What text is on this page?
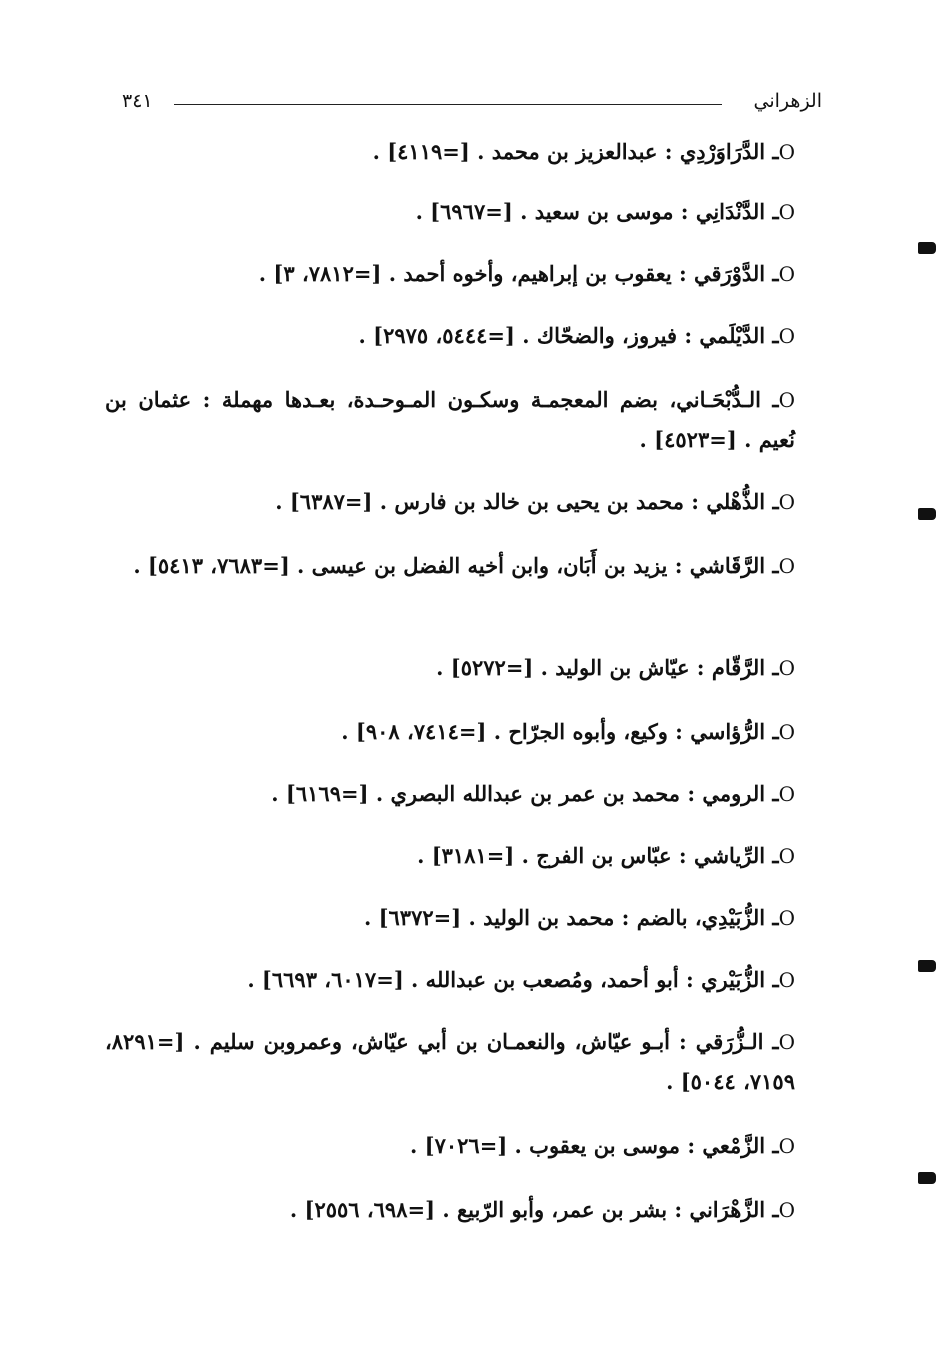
الزهراني
٣٤١
Oـ الدَّرَاوَرْدِي : عبدالعزيز بن محمد . [=٤١١٩] .
Oـ الدَّنْدَانِي : موسى بن سعيد . [=٦٩٦٧] .
Oـ الدَّوْرَقي : يعقوب بن إبراهيم، وأخوه أحمد . [=٧٨١٢، ٣] .
Oـ الدَّيْلَمي : فيروز، والضحّاك . [=٥٤٤٤، ٢٩٧٥] .
Oـ الـدُّبْحَـاني، بضم المعجمـة وسكـون المـوحـدة، بعـدها مهملة : عثمان بن نُعيم . [=٤٥٢٣] .
Oـ الذُّهْلي : محمد بن يحيى بن خالد بن فارس . [=٦٣٨٧] .
Oـ الرَّقَاشي : يزيد بن أَبَان، وابن أخيه الفضل بن عيسى . [=٧٦٨٣، ٥٤١٣] .
Oـ الرَّقّام : عيّاش بن الوليد . [=٥٢٧٢] .
Oـ الرُّؤاسي : وكيع، وأبوه الجرّاح . [=٧٤١٤، ٩٠٨] .
Oـ الرومي : محمد بن عمر بن عبدالله البصري . [=٦١٦٩] .
Oـ الرِّياشي : عبّاس بن الفرج . [=٣١٨١] .
Oـ الزُّبَيْدِي، بالضم : محمد بن الوليد . [=٦٣٧٢] .
Oـ الزُّبَيْري : أبو أحمد، ومُصعب بن عبدالله . [=٦٠١٧، ٦٦٩٣] .
Oـ الـزُّرَقي : أبـو عيّاش، والنعمـان بن أبي عيّاش، وعمروبن سليم . [=٨٢٩١، ٧١٥٩، ٥٠٤٤] .
Oـ الزَّمْعي : موسى بن يعقوب . [=٧٠٢٦] .
Oـ الزَّهْرَاني : بشر بن عمر، وأبو الرّبيع . [=٦٩٨، ٢٥٥٦] .
